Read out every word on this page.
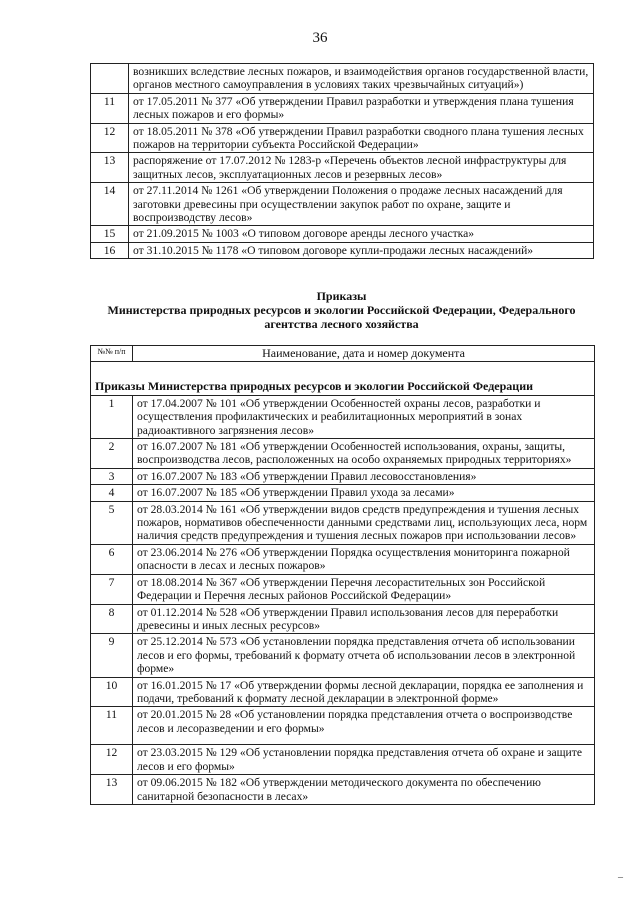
36
	возникших вследствие лесных пожаров, и взаимодействия органов государственной власти, органов местного самоуправления в условиях таких чрезвычайных ситуаций»)
11	от 17.05.2011 № 377 «Об утверждении Правил разработки и утверждения плана тушения лесных пожаров и его формы»
12	от 18.05.2011 № 378 «Об утверждении Правил разработки сводного плана тушения лесных пожаров на территории субъекта Российской Федерации»
13	распоряжение от 17.07.2012 № 1283-р «Перечень объектов лесной инфраструктуры для защитных лесов, эксплуатационных лесов и резервных лесов»
14	от 27.11.2014 № 1261 «Об утверждении Положения о продаже лесных насаждений для заготовки древесины при осуществлении закупок работ по охране, защите и воспроизводству лесов»
15	от 21.09.2015 № 1003 «О типовом договоре аренды лесного участка»
16	от 31.10.2015 № 1178 «О типовом договоре купли-продажи лесных насаждений»
Приказы
Министерства природных ресурсов и экологии Российской Федерации, Федерального агентства лесного хозяйства
№№ п/п	Наименование, дата и номер документа
Приказы Министерства природных ресурсов и экологии Российской Федерации	
1	от 17.04.2007 № 101 «Об утверждении Особенностей охраны лесов, разработки и осуществления профилактических и реабилитационных мероприятий в зонах радиоактивного загрязнения лесов»
2	от 16.07.2007 № 181 «Об утверждении Особенностей использования, охраны, защиты, воспроизводства лесов, расположенных на особо охраняемых природных территориях»
3	от 16.07.2007 № 183 «Об утверждении Правил лесовосстановления»
4	от 16.07.2007 № 185 «Об утверждении Правил ухода за лесами»
5	от 28.03.2014 № 161 «Об утверждении видов средств предупреждения и тушения лесных пожаров, нормативов обеспеченности данными средствами лиц, использующих леса, норм наличия средств предупреждения и тушения лесных пожаров при использовании лесов»
6	от 23.06.2014 № 276 «Об утверждении Порядка осуществления мониторинга пожарной опасности в лесах и лесных пожаров»
7	от 18.08.2014 № 367 «Об утверждении Перечня лесорастительных зон Российской Федерации и Перечня лесных районов Российской Федерации»
8	от 01.12.2014 № 528 «Об утверждении Правил использования лесов для переработки древесины и иных лесных ресурсов»
9	от 25.12.2014 № 573 «Об установлении порядка представления отчета об использовании лесов и его формы, требований к формату отчета об использовании лесов в электронной форме»
10	от 16.01.2015 № 17 «Об утверждении формы лесной декларации, порядка ее заполнения и подачи, требований к формату лесной декларации в электронной форме»
11	от 20.01.2015 № 28 «Об установлении порядка представления отчета о воспроизводстве лесов и лесоразведении и его формы»
12	от 23.03.2015 № 129 «Об установлении порядка представления отчета об охране и защите лесов и его формы»
13	от 09.06.2015 № 182 «Об утверждении методического документа по обеспечению санитарной безопасности в лесах»
–
